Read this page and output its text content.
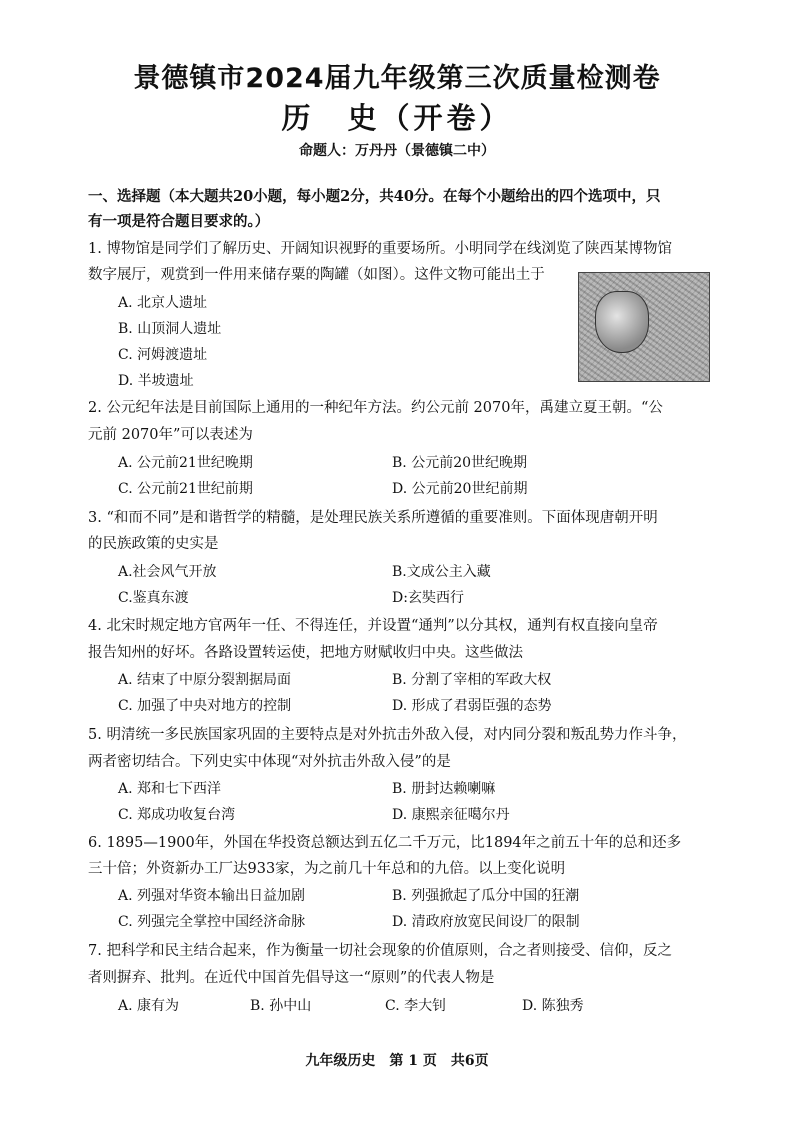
景德镇市2024届九年级第三次质量检测卷
历　史（开卷）
命题人：万丹丹（景德镇二中）
一、选择题（本大题共20小题，每小题2分，共40分。在每个小题给出的四个选项中，只
有一项是符合题目要求的。）
1. 博物馆是同学们了解历史、开阔知识视野的重要场所。小明同学在线浏览了陕西某博物馆
数字展厅，观赏到一件用来储存粟的陶罐（如图）。这件文物可能出土于
A. 北京人遗址
B. 山顶洞人遗址
C. 河姆渡遗址
D. 半坡遗址
2. 公元纪年法是目前国际上通用的一种纪年方法。约公元前 2070年，禹建立夏王朝。“公
元前 2070年”可以表述为
A. 公元前21世纪晚期	B. 公元前20世纪晚期
C. 公元前21世纪前期	D. 公元前20世纪前期
3. “和而不同”是和谐哲学的精髓，是处理民族关系所遵循的重要准则。下面体现唐朝开明
的民族政策的史实是
A.社会风气开放	B.文成公主入藏
C.鉴真东渡	D:玄奘西行
4. 北宋时规定地方官两年一任、不得连任，并设置“通判”以分其权，通判有权直接向皇帝
报告知州的好坏。各路设置转运使，把地方财赋收归中央。这些做法
A. 结束了中原分裂割据局面	B. 分割了宰相的军政大权
C. 加强了中央对地方的控制	D. 形成了君弱臣强的态势
5. 明清统一多民族国家巩固的主要特点是对外抗击外敌入侵，对内同分裂和叛乱势力作斗争，
两者密切结合。下列史实中体现“对外抗击外敌入侵”的是
A. 郑和七下西洋	B. 册封达赖喇嘛
C. 郑成功收复台湾	D. 康熙亲征噶尔丹
6. 1895—1900年，外国在华投资总额达到五亿二千万元，比1894年之前五十年的总和还多
三十倍；外资新办工厂达933家，为之前几十年总和的九倍。以上变化说明
A. 列强对华资本输出日益加剧	B. 列强掀起了瓜分中国的狂潮
C. 列强完全掌控中国经济命脉	D. 清政府放宽民间设厂的限制
7. 把科学和民主结合起来，作为衡量一切社会现象的价值原则，合之者则接受、信仰，反之
者则摒弃、批判。在近代中国首先倡导这一“原则”的代表人物是
A. 康有为	B. 孙中山	C. 李大钊	D. 陈独秀
九年级历史　第 1 页　共6页
